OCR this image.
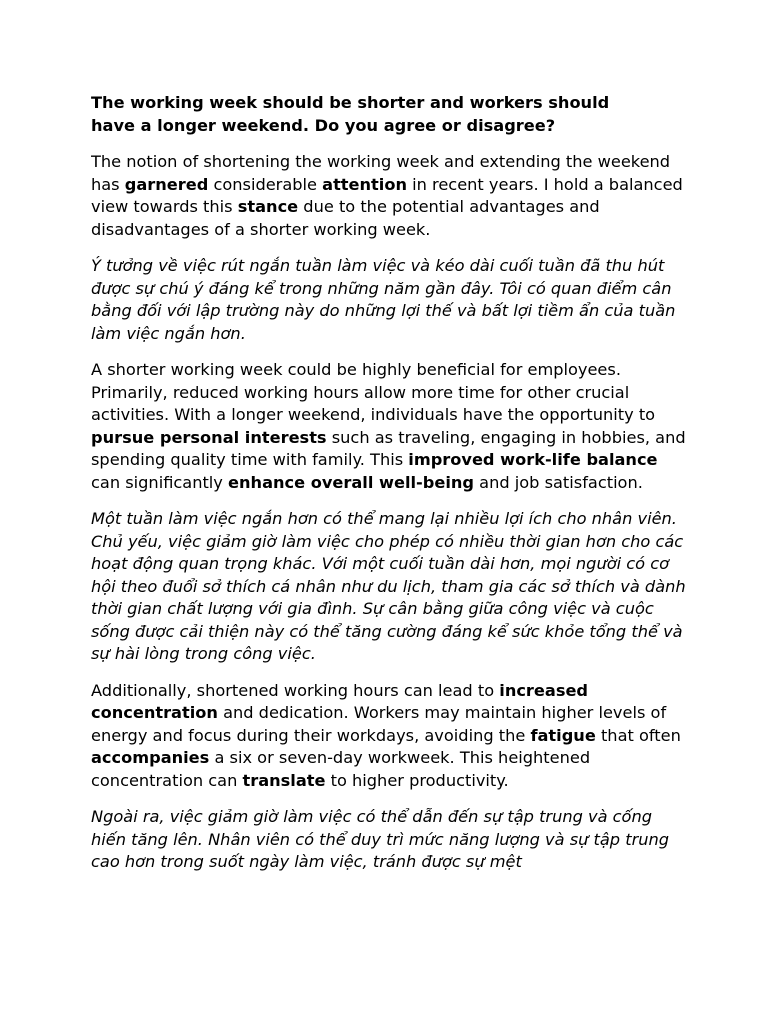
The working week should be shorter and workers should
have a longer weekend. Do you agree or disagree?

The notion of shortening the working week and extending the weekend has garnered considerable attention in recent years. I hold a balanced view towards this stance due to the potential advantages and disadvantages of a shorter working week.

Ý tưởng về việc rút ngắn tuần làm việc và kéo dài cuối tuần đã thu hút được sự chú ý đáng kể trong những năm gần đây. Tôi có quan điểm cân bằng đối với lập trường này do những lợi thế và bất lợi tiềm ẩn của tuần làm việc ngắn hơn.

A shorter working week could be highly beneficial for employees. Primarily, reduced working hours allow more time for other crucial activities. With a longer weekend, individuals have the opportunity to pursue personal interests such as traveling, engaging in hobbies, and spending quality time with family. This improved work-life balance can significantly enhance overall well-being and job satisfaction.

Một tuần làm việc ngắn hơn có thể mang lại nhiều lợi ích cho nhân viên. Chủ yếu, việc giảm giờ làm việc cho phép có nhiều thời gian hơn cho các hoạt động quan trọng khác. Với một cuối tuần dài hơn, mọi người có cơ hội theo đuổi sở thích cá nhân như du lịch, tham gia các sở thích và dành thời gian chất lượng với gia đình. Sự cân bằng giữa công việc và cuộc sống được cải thiện này có thể tăng cường đáng kể sức khỏe tổng thể và sự hài lòng trong công việc.

Additionally, shortened working hours can lead to increased concentration and dedication. Workers may maintain higher levels of energy and focus during their workdays, avoiding the fatigue that often accompanies a six or seven-day workweek. This heightened concentration can translate to higher productivity.

Ngoài ra, việc giảm giờ làm việc có thể dẫn đến sự tập trung và cống hiến tăng lên. Nhân viên có thể duy trì mức năng lượng và sự tập trung cao hơn trong suốt ngày làm việc, tránh được sự mệt
